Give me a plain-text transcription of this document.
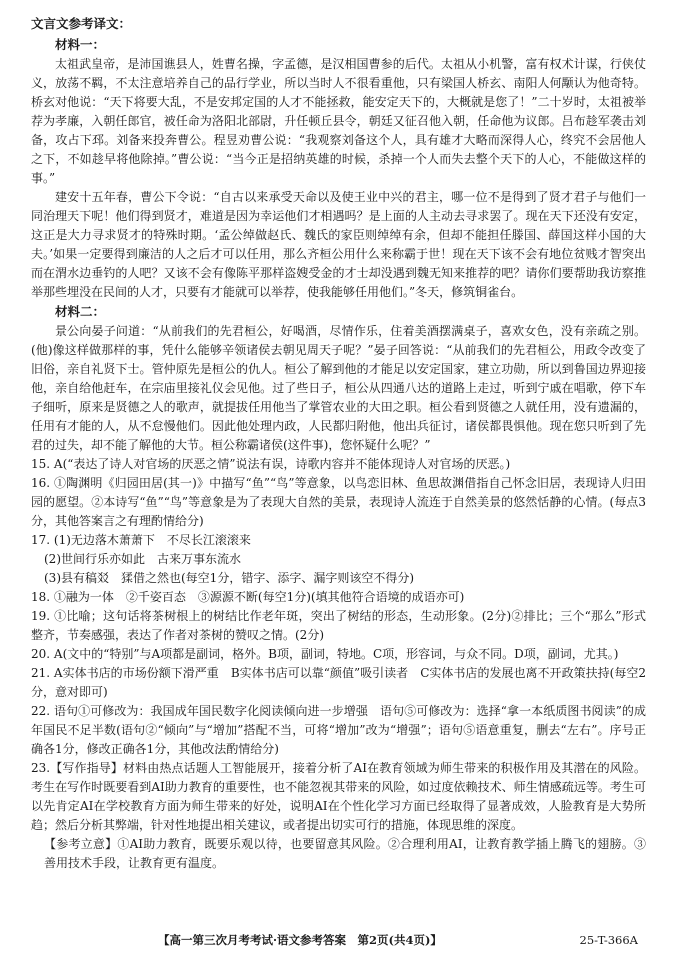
文言文参考译文：
材料一：

太祖武皇帝，是沛国谯县人，姓曹名操，字孟德，是汉相国曹参的后代。太祖从小机警，富有权术计谋，行侠仗义，放荡不羁，不太注意培养自己的品行学业，所以当时人不很看重他，只有梁国人桥玄、南阳人何颙认为他奇特。桥玄对他说：“天下将要大乱，不是安邦定国的人才不能拯救，能安定天下的，大概就是您了！”二十岁时，太祖被举荐为孝廉，入朝任郎官，被任命为洛阳北部尉，升任顿丘县令，朝廷又征召他入朝，任命他为议郎。吕布趁军袭击刘备，攻占下邳。刘备来投奔曹公。程昱劝曹公说：“我观察刘备这个人，具有雄才大略而深得人心，终究不会居他人之下，不如趁早将他除掉。”曹公说：“当今正是招纳英雄的时候，杀掉一个人而失去整个天下的人心，不能做这样的事。”

建安十五年春，曹公下令说：“自古以来承受天命以及使王业中兴的君主，哪一位不是得到了贤才君子与他们一同治理天下呢！他们得到贤才，难道是因为幸运他们才相遇吗？是上面的人主动去寻求罢了。现在天下还没有安定，这正是大力寻求贤才的特殊时期。‘孟公绰做赵氏、魏氏的家臣则绰绰有余，但却不能担任滕国、薛国这样小国的大夫。’如果一定要得到廉洁的人之后才可以任用，那么齐桓公用什么来称霸于世！现在天下该不会有地位贫贱才智突出而在渭水边垂钓的人吧？又该不会有像陈平那样盗嫂受金的才士却没遇到魏无知来推荐的吧？请你们要帮助我访察推举那些埋没在民间的人才，只要有才能就可以举荐，使我能够任用他们。”冬天，修筑铜雀台。

材料二：

景公向晏子问道：“从前我们的先君桓公，好喝酒，尽情作乐，住着美酒摆满桌子，喜欢女色，没有亲疏之别。(他)像这样做那样的事，凭什么能够辛领诸侯去朝见周天子呢？”晏子回答说：“从前我们的先君桓公，用政令改变了旧俗，亲自礼贤下士。管仲原先是桓公的仇人。桓公了解到他的才能足以安定国家，建立功勋，所以到鲁国边界迎接他，亲自给他赶车，在宗庙里接礼仪会见他。过了些日子，桓公从四通八达的道路上走过，听到宁戚在唱歌，停下车子细听，原来是贤德之人的歌声，就提拔任用他当了掌管农业的大田之职。桓公看到贤德之人就任用，没有遗漏的，任用有才能的人，从不怠慢他们。因此他处理内政，人民都归附他，他出兵征讨，诸侯都畏惧他。现在您只听到了先君的过失，却不能了解他的大节。桓公称霸诸侯(这件事)，您怀疑什么呢？”

15. A(“表达了诗人对官场的厌恶之情”说法有误，诗歌内容并不能体现诗人对官场的厌恶。)

16. ①陶渊明《归园田居(其一)》中描写“鱼”“鸟”等意象，以鸟恋旧林、鱼思故渊借指自己怀念旧居，表现诗人归田园的愿望。②本诗写“鱼”“鸟”等意象是为了表现大自然的美景，表现诗人流连于自然美景的悠然恬静的心情。(每点3分，其他答案言之有理酌情给分)

17. (1)无边落木萧萧下　不尽长江滚滚来

(2)世间行乐亦如此　古来万事东流水

(3)县有稿㸚　猱借之然也(每空1分，错字、添字、漏字则该空不得分)

18. ①融为一体　②千姿百态　③源源不断(每空1分)(填其他符合语境的成语亦可)

19. ①比喻；这句话将茶树根上的树结比作老年斑，突出了树结的形态，生动形象。(2分)②排比；三个“那么”形式整齐，节奏感强，表达了作者对茶树的赞叹之情。(2分)

20. A(文中的“特别”与A项都是副词，格外。B项，副词，特地。C项，形容词，与众不同。D项，副词，尤其。)

21. A实体书店的市场份额下滑严重　B实体书店可以靠“颜值”吸引读者　C实体书店的发展也离不开政策扶持(每空2分，意对即可)

22. 语句①可修改为：我国成年国民数字化阅读倾向进一步增强　语句⑤可修改为：选择“拿一本纸质图书阅读”的成年国民不足半数(语句②“倾向”与“增加”搭配不当，可将“增加”改为“增强”；语句⑤语意重复，删去“左右”。序号正确各1分，修改正确各1分，其他改法酌情给分)

23.【写作指导】材料由热点话题人工智能展开，接着分析了AI在教育领域为师生带来的积极作用及其潜在的风险。考生在写作时既要看到AI助力教育的重要性，也不能忽视其带来的风险，如过度依赖技术、师生情感疏远等。考生可以先肯定AI在学校教育方面为师生带来的好处，说明AI在个性化学习方面已经取得了显著成效，人脸教育是大势所趋；然后分析其弊端，针对性地提出相关建议，或者提出切实可行的措施，体现思维的深度。

【参考立意】①AI助力教育，既要乐观以待，也要留意其风险。②合理利用AI，让教育教学插上腾飞的翅膀。③善用技术手段，让教育更有温度。

【高一第三次月考考试·语文参考答案　第2页(共4页)】	25-T-366A
